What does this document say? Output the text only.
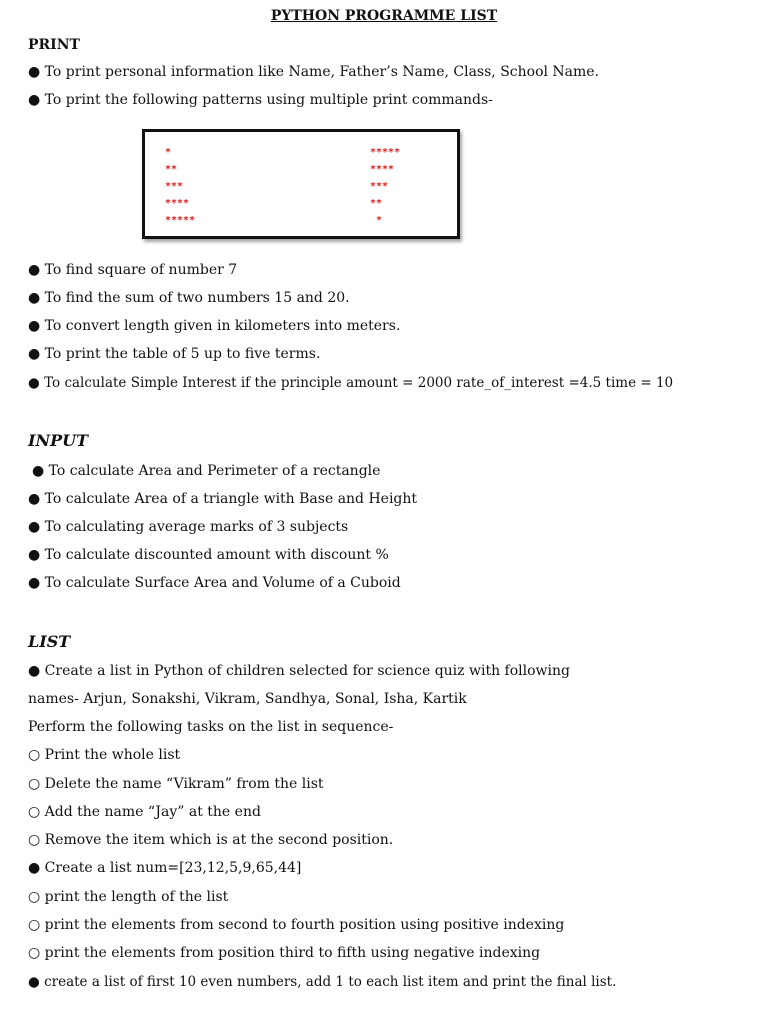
PYTHON PROGRAMME LIST
PRINT
● To print personal information like Name, Father’s Name, Class, School Name.
● To print the following patterns using multiple print commands-
*
**
***
****
*****
*****
****
***
**
*
● To find square of number 7
● To find the sum of two numbers 15 and 20.
● To convert length given in kilometers into meters.
● To print the table of 5 up to five terms.
● To calculate Simple Interest if the principle amount = 2000 rate_of_interest =4.5 time = 10
INPUT
● To calculate Area and Perimeter of a rectangle
● To calculate Area of a triangle with Base and Height
● To calculating average marks of 3 subjects
● To calculate discounted amount with discount %
● To calculate Surface Area and Volume of a Cuboid
LIST
● Create a list in Python of children selected for science quiz with following
names- Arjun, Sonakshi, Vikram, Sandhya, Sonal, Isha, Kartik
Perform the following tasks on the list in sequence-
○ Print the whole list
○ Delete the name “Vikram” from the list
○ Add the name “Jay” at the end
○ Remove the item which is at the second position.
● Create a list num=[23,12,5,9,65,44]
○ print the length of the list
○ print the elements from second to fourth position using positive indexing
○ print the elements from position third to fifth using negative indexing
● create a list of first 10 even numbers, add 1 to each list item and print the final list.
